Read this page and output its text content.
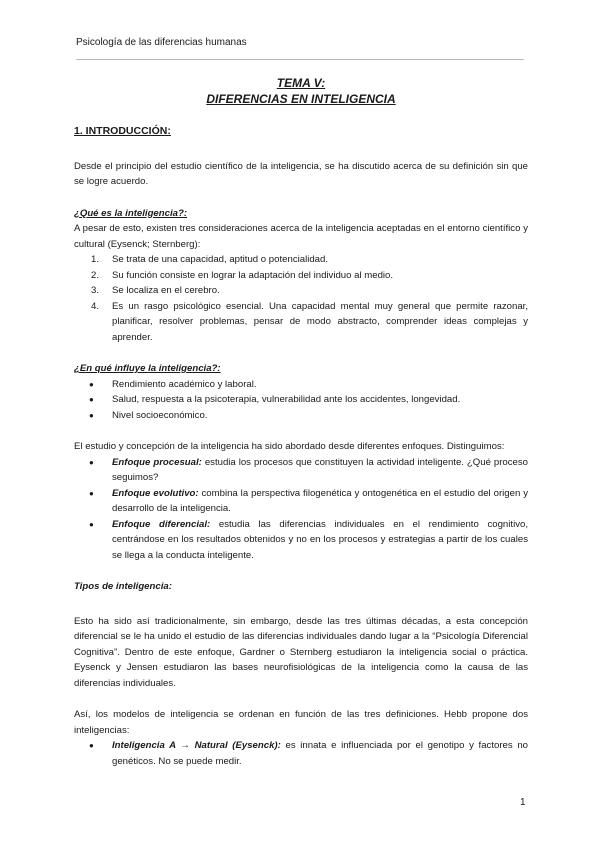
Psicología de las diferencias humanas
TEMA V:
DIFERENCIAS EN INTELIGENCIA
1. INTRODUCCIÓN:

Desde el principio del estudio científico de la inteligencia, se ha discutido acerca de su definición sin que se logre acuerdo.

¿Qué es la inteligencia?:

A pesar de esto, existen tres consideraciones acerca de la inteligencia aceptadas en el entorno científico y cultural (Eysenck; Sternberg):

1. Se trata de una capacidad, aptitud o potencialidad.
2. Su función consiste en lograr la adaptación del individuo al medio.
3. Se localiza en el cerebro.
4. Es un rasgo psicológico esencial. Una capacidad mental muy general que permite razonar, planificar, resolver problemas, pensar de modo abstracto, comprender ideas complejas y aprender.
¿En qué influye la inteligencia?:
● Rendimiento académico y laboral.
● Salud, respuesta a la psicoterapia, vulnerabilidad ante los accidentes, longevidad.
● Nivel socioeconómico.

El estudio y concepción de la inteligencia ha sido abordado desde diferentes enfoques. Distinguimos:

● Enfoque procesual: estudia los procesos que constituyen la actividad inteligente. ¿Qué proceso seguimos?
● Enfoque evolutivo: combina la perspectiva filogenética y ontogenética en el estudio del origen y desarrollo de la inteligencia.
● Enfoque diferencial: estudia las diferencias individuales en el rendimiento cognitivo, centrándose en los resultados obtenidos y no en los procesos y estrategias a partir de los cuales se llega a la conducta inteligente.
Tipos de inteligencia:

Esto ha sido así tradicionalmente, sin embargo, desde las tres últimas décadas, a esta concepción diferencial se le ha unido el estudio de las diferencias individuales dando lugar a la “Psicología Diferencial Cognitiva”. Dentro de este enfoque, Gardner o Sternberg estudiaron la inteligencia social o práctica. Eysenck y Jensen estudiaron las bases neurofisiológicas de la inteligencia como la causa de las diferencias individuales.

Así, los modelos de inteligencia se ordenan en función de las tres definiciones. Hebb propone dos inteligencias:

● Inteligencia A → Natural (Eysenck): es innata e influenciada por el genotipo y factores no genéticos. No se puede medir.
1
